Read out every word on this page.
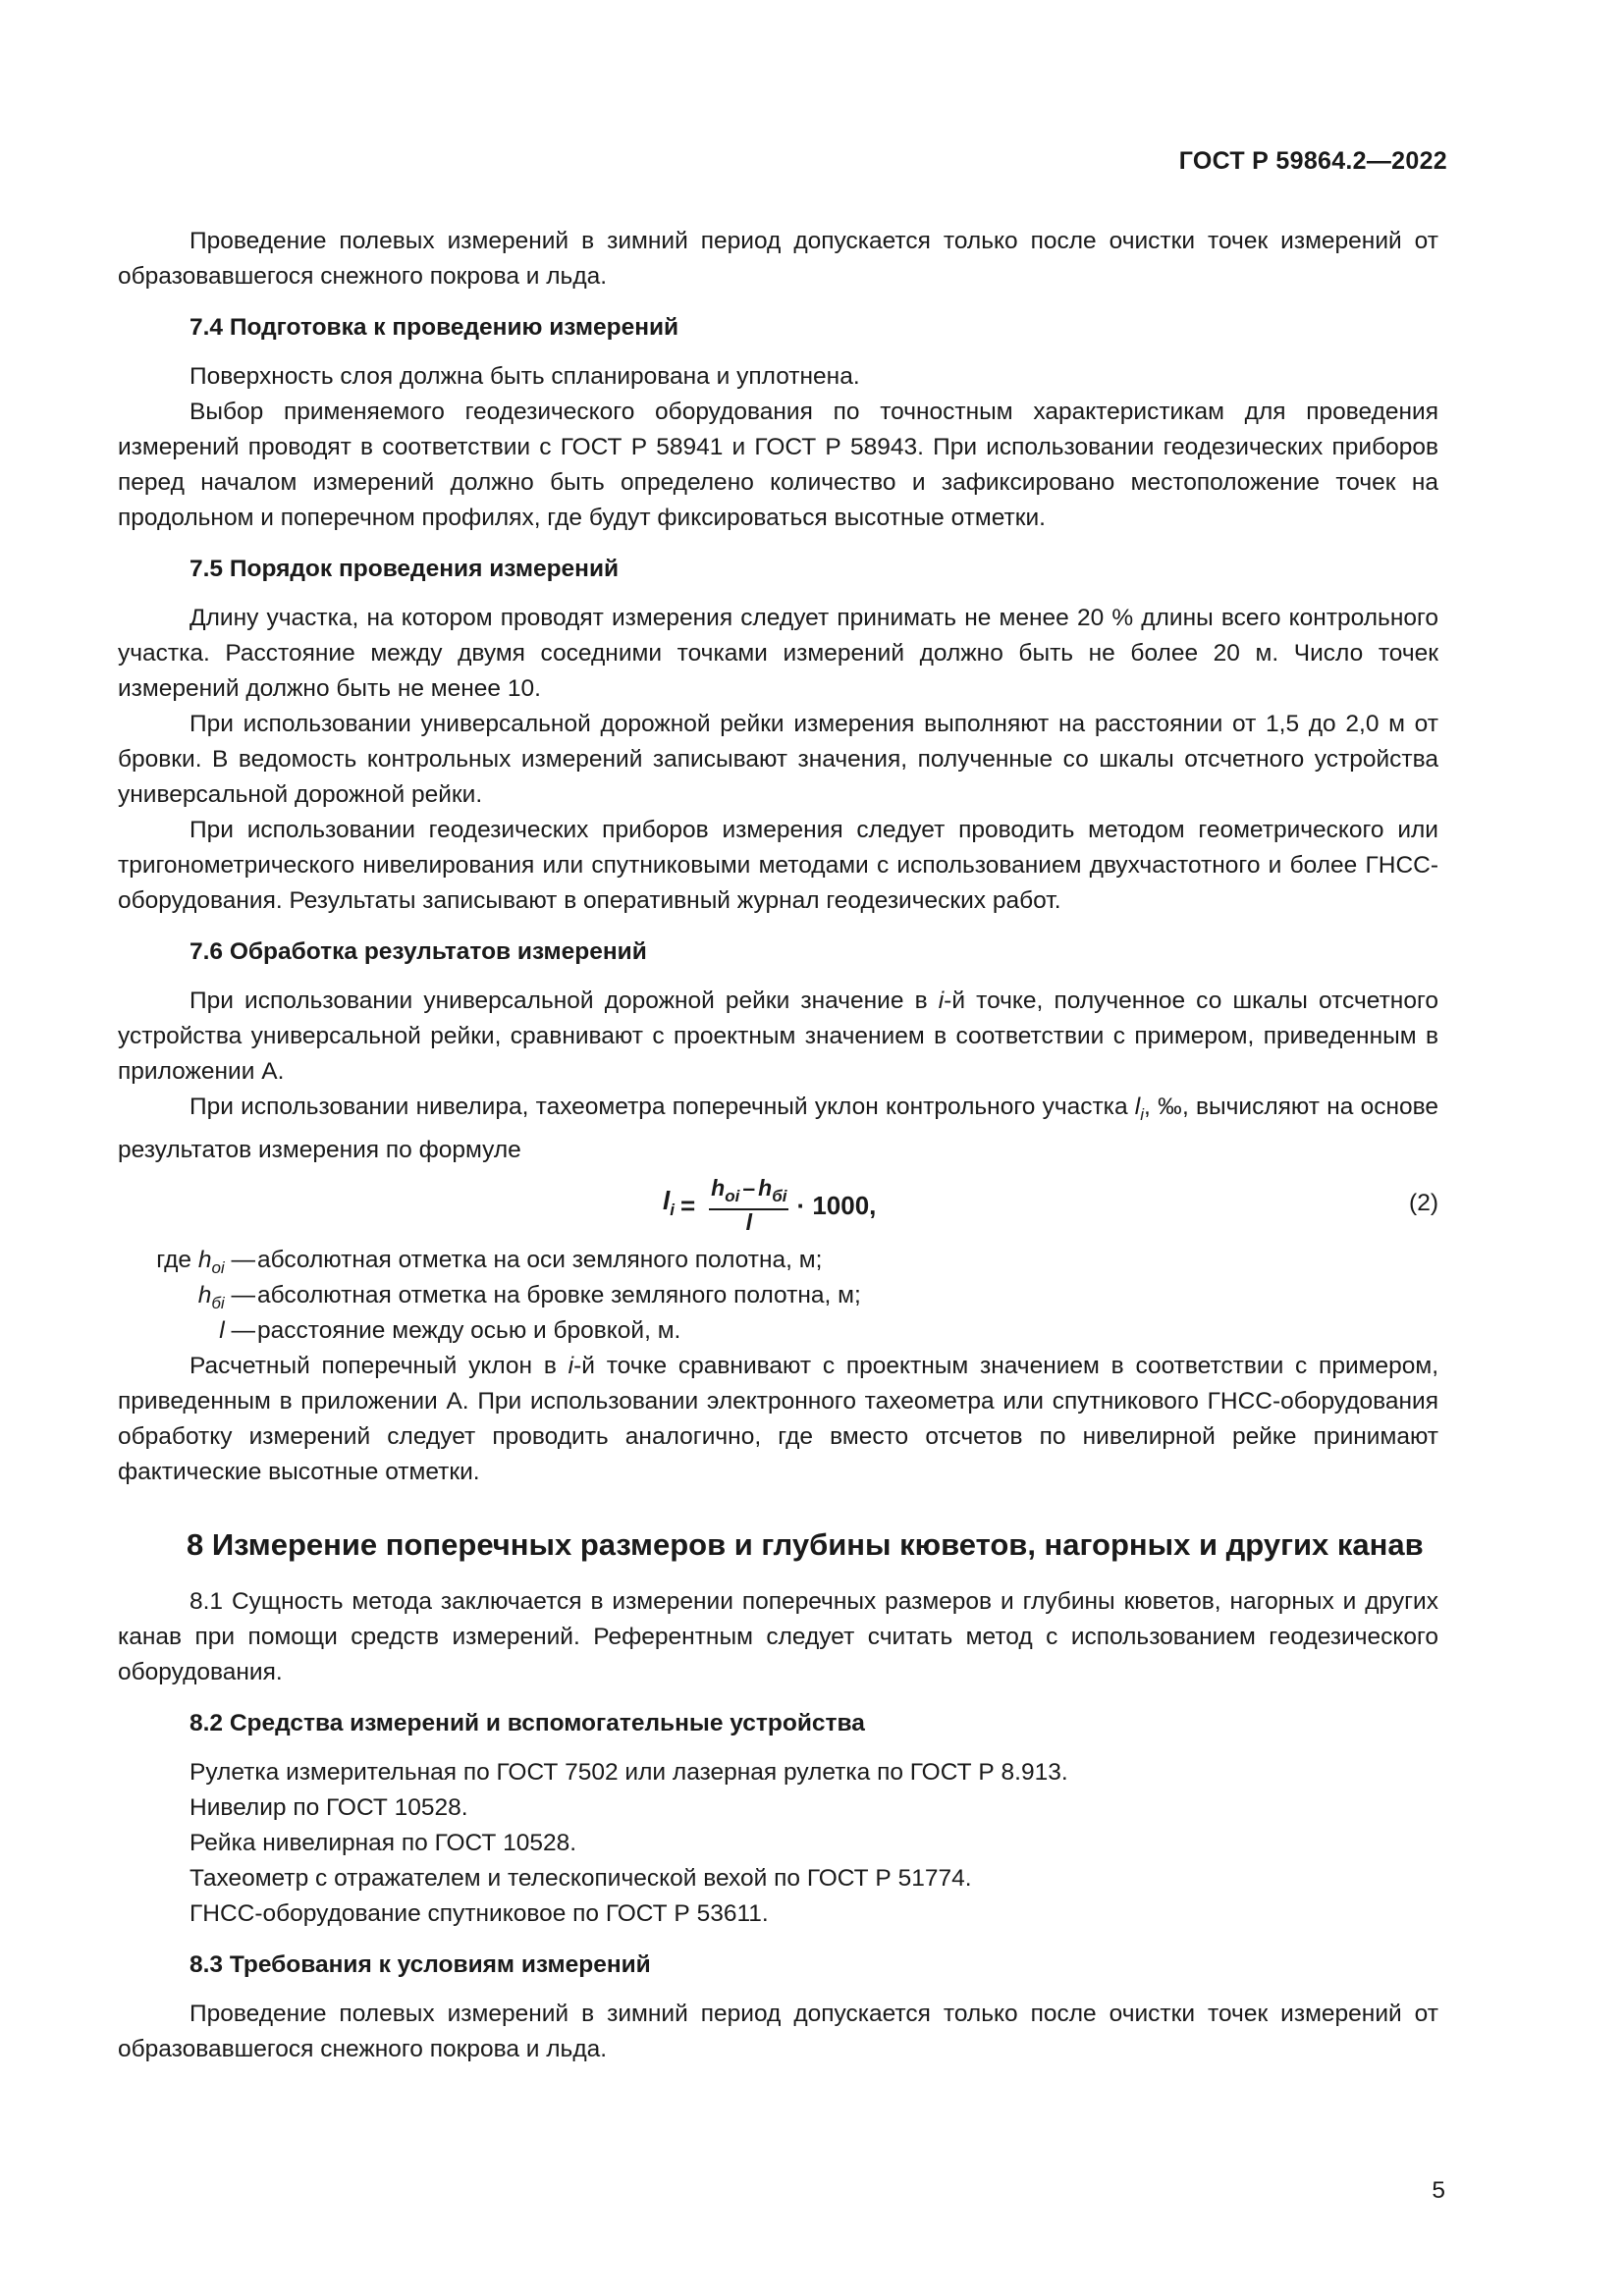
ГОСТ Р 59864.2—2022

Проведение полевых измерений в зимний период допускается только после очистки точек измерений от образовавшегося снежного покрова и льда.

7.4 Подготовка к проведению измерений

Поверхность слоя должна быть спланирована и уплотнена.

Выбор применяемого геодезического оборудования по точностным характеристикам для проведения измерений проводят в соответствии с ГОСТ Р 58941 и ГОСТ Р 58943. При использовании геодезических приборов перед началом измерений должно быть определено количество и зафиксировано местоположение точек на продольном и поперечном профилях, где будут фиксироваться высотные отметки.

7.5 Порядок проведения измерений

Длину участка, на котором проводят измерения следует принимать не менее 20 % длины всего контрольного участка. Расстояние между двумя соседними точками измерений должно быть не более 20 м. Число точек измерений должно быть не менее 10.

При использовании универсальной дорожной рейки измерения выполняют на расстоянии от 1,5 до 2,0 м от бровки. В ведомость контрольных измерений записывают значения, полученные со шкалы отсчетного устройства универсальной дорожной рейки.

При использовании геодезических приборов измерения следует проводить методом геометрического или тригонометрического нивелирования или спутниковыми методами с использованием двухчастотного и более ГНСС-оборудования. Результаты записывают в оперативный журнал геодезических работ.

7.6 Обработка результатов измерений

При использовании универсальной дорожной рейки значение в i-й точке, полученное со шкалы отсчетного устройства универсальной рейки, сравнивают с проектным значением в соответствии с примером, приведенным в приложении А.

При использовании нивелира, тахеометра поперечный уклон контрольного участка $l_i$, ‰, вычисляют на основе результатов измерения по формуле

$l_i = \frac{h_{oi} - h_{бi}}{l} \cdot 1000$,	(2)
где $h_{oi}$ — абсолютная отметка на оси земляного полотна, м;
$h_{бi}$ — абсолютная отметка на бровке земляного полотна, м;
l — расстояние между осью и бровкой, м.

Расчетный поперечный уклон в i-й точке сравнивают с проектным значением в соответствии с примером, приведенным в приложении А. При использовании электронного тахеометра или спутникового ГНСС-оборудования обработку измерений следует проводить аналогично, где вместо отсчетов по нивелирной рейке принимают фактические высотные отметки.

8 Измерение поперечных размеров и глубины кюветов, нагорных и других канав

8.1 Сущность метода заключается в измерении поперечных размеров и глубины кюветов, нагорных и других канав при помощи средств измерений. Референтным следует считать метод с использованием геодезического оборудования.

8.2 Средства измерений и вспомогательные устройства

Рулетка измерительная по ГОСТ 7502 или лазерная рулетка по ГОСТ Р 8.913.

Нивелир по ГОСТ 10528.

Рейка нивелирная по ГОСТ 10528.

Тахеометр с отражателем и телескопической вехой по ГОСТ Р 51774.

ГНСС-оборудование спутниковое по ГОСТ Р 53611.

8.3 Требования к условиям измерений

Проведение полевых измерений в зимний период допускается только после очистки точек измерений от образовавшегося снежного покрова и льда.

5
